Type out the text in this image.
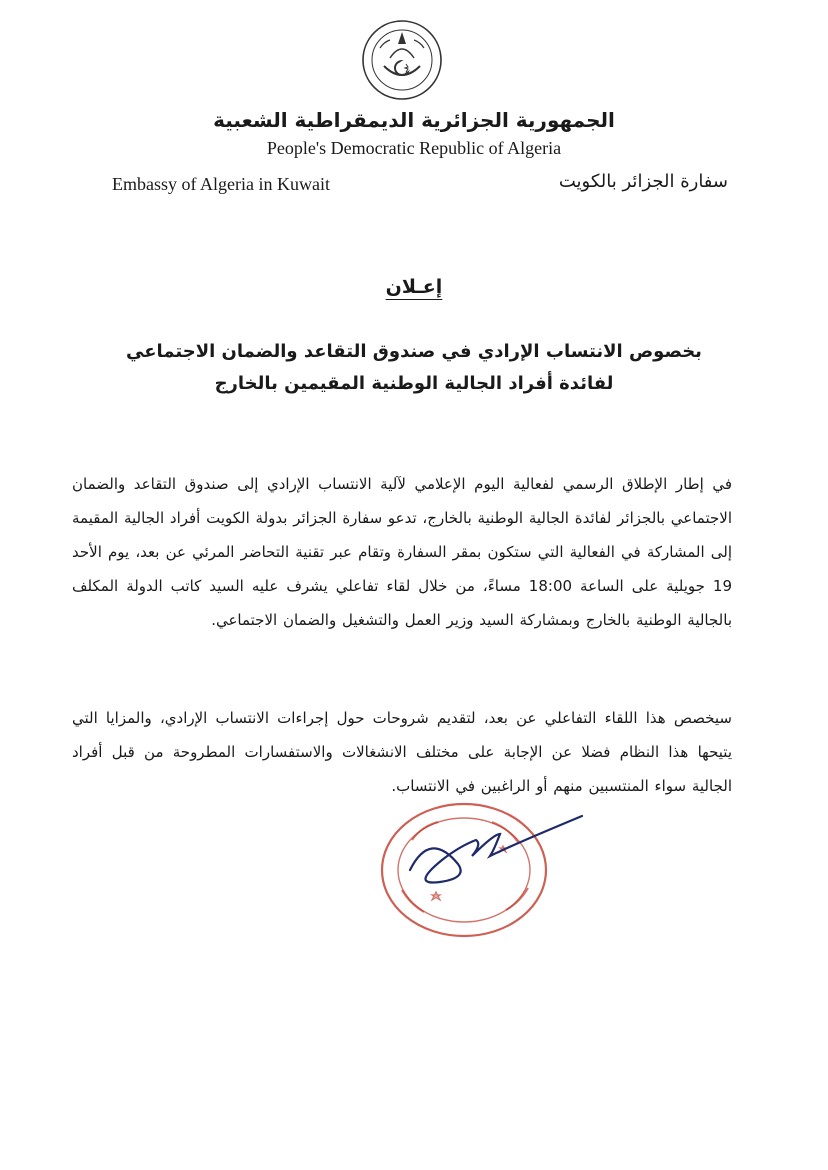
الجمهورية الجزائرية الديمقراطية الشعبية
People's Democratic Republic of Algeria
Embassy of Algeria in Kuwait	سفارة الجزائر بالكويت
إعـلان
بخصوص الانتساب الإرادي في صندوق التقاعد والضمان الاجتماعي
لفائدة أفراد الجالية الوطنية المقيمين بالخارج

في إطار الإطلاق الرسمي لفعالية اليوم الإعلامي لآلية الانتساب الإرادي إلى صندوق التقاعد والضمان الاجتماعي بالجزائر لفائدة الجالية الوطنية بالخارج، تدعو سفارة الجزائر بدولة الكويت أفراد الجالية المقيمة إلى المشاركة في الفعالية التي ستكون بمقر السفارة وتقام عبر تقنية التحاضر المرئي عن بعد، يوم الأحد 19 جويلية على الساعة 18:00 مساءً، من خلال لقاء تفاعلي يشرف عليه السيد كاتب الدولة المكلف بالجالية الوطنية بالخارج وبمشاركة السيد وزير العمل والتشغيل والضمان الاجتماعي.

سيخصص هذا اللقاء التفاعلي عن بعد، لتقديم شروحات حول إجراءات الانتساب الإرادي، والمزايا التي يتيحها هذا النظام فضلا عن الإجابة على مختلف الانشغالات والاستفسارات المطروحة من قبل أفراد الجالية سواء المنتسبين منهم أو الراغبين في الانتساب.
